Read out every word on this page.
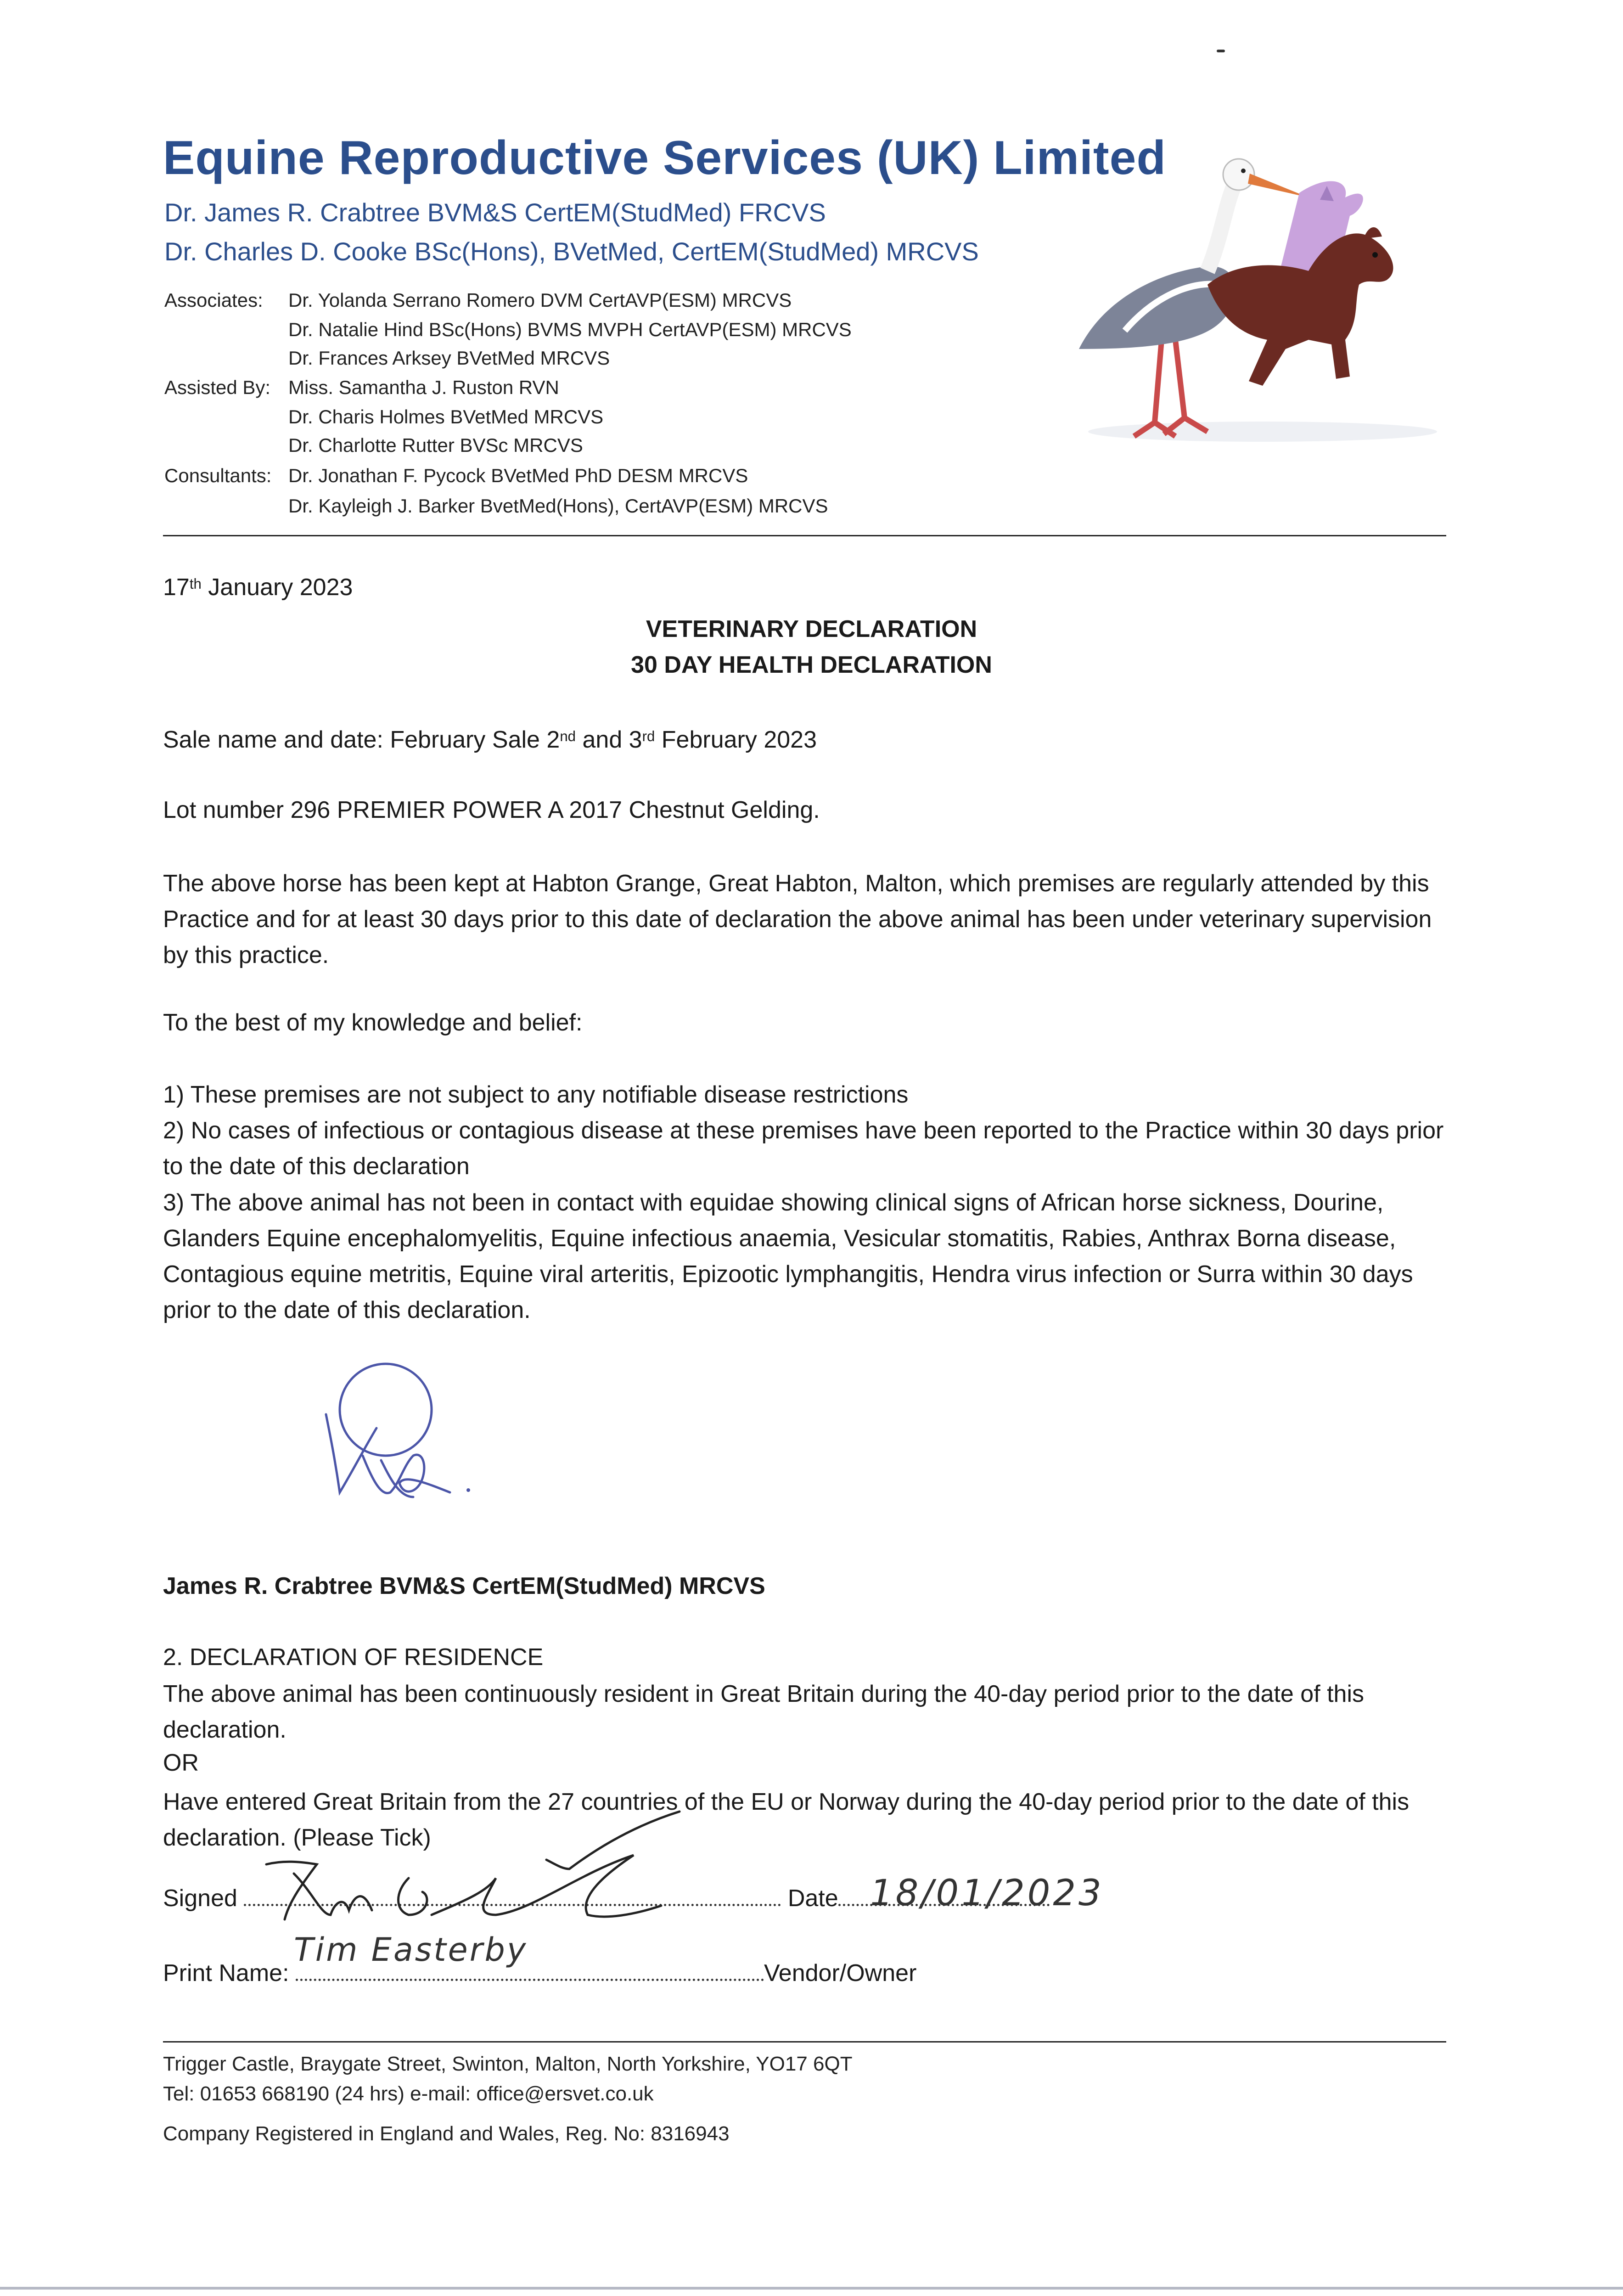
Equine Reproductive Services (UK) Limited
Dr. James R. Crabtree BVM&S CertEM(StudMed) FRCVS
Dr. Charles D. Cooke BSc(Hons), BVetMed, CertEM(StudMed) MRCVS
Associates: Dr. Yolanda Serrano Romero DVM CertAVP(ESM) MRCVS
Dr. Natalie Hind BSc(Hons) BVMS MVPH CertAVP(ESM) MRCVS
Dr. Frances Arksey BVetMed MRCVS
Assisted By: Miss. Samantha J. Ruston RVN
Dr. Charis Holmes BVetMed MRCVS
Dr. Charlotte Rutter BVSc MRCVS
Consultants: Dr. Jonathan F. Pycock BVetMed PhD DESM MRCVS
Dr. Kayleigh J. Barker BvetMed(Hons), CertAVP(ESM) MRCVS
17th January 2023
VETERINARY DECLARATION
30 DAY HEALTH DECLARATION
Sale name and date: February Sale 2nd and 3rd February 2023
Lot number 296 PREMIER POWER A 2017 Chestnut Gelding.
The above horse has been kept at Habton Grange, Great Habton, Malton, which premises are regularly attended by this Practice and for at least 30 days prior to this date of declaration the above animal has been under veterinary supervision by this practice.
To the best of my knowledge and belief:
1) These premises are not subject to any notifiable disease restrictions
2) No cases of infectious or contagious disease at these premises have been reported to the Practice within 30 days prior to the date of this declaration
3) The above animal has not been in contact with equidae showing clinical signs of African horse sickness, Dourine, Glanders Equine encephalomyelitis, Equine infectious anaemia, Vesicular stomatitis, Rabies, Anthrax Borna disease, Contagious equine metritis, Equine viral arteritis, Epizootic lymphangitis, Hendra virus infection or Surra within 30 days prior to the date of this declaration.
James R. Crabtree BVM&S CertEM(StudMed) MRCVS
2. DECLARATION OF RESIDENCE
The above animal has been continuously resident in Great Britain during the 40-day period prior to the date of this declaration.
OR
Have entered Great Britain from the 27 countries of the EU or Norway during the 40-day period prior to the date of this declaration. (Please Tick)
Signed	Date 18/01/2023
Print Name:	Vendor/Owner
Tim Easterby
Trigger Castle, Braygate Street, Swinton, Malton, North Yorkshire, YO17 6QT
Tel: 01653 668190 (24 hrs) e-mail: office@ersvet.co.uk
Company Registered in England and Wales, Reg. No: 8316943
